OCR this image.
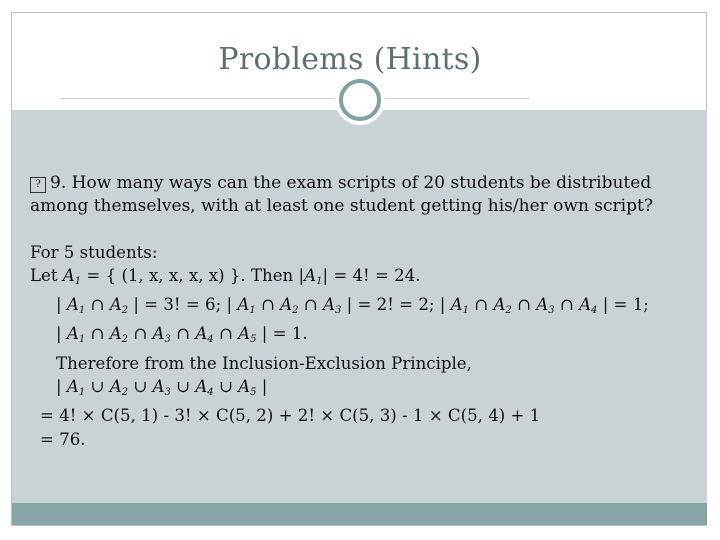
Problems (Hints)
? 9. How many ways can the exam scripts of 20 students be distributed
among themselves, with at least one student getting his/her own script?
For 5 students:
Let $A_1$ = { (1, x, x, x, x) }. Then $|A_1| = 4$! = 24.
| $A_1$ ∩ $A_2$ | = 3! = 6; | $A_1$ ∩ $A_2$ ∩ $A_3$ | = 2! = 2; | $A_1$ ∩ $A_2$ ∩ $A_3$ ∩ $A_4$ | = 1;
| $A_1$ ∩ $A_2$ ∩ $A_3$ ∩ $A_4$ ∩ $A_5$ | = 1.
Therefore from the Inclusion-Exclusion Principle,
| $A_1$ ∪ $A_2$ ∪ $A_3$ ∪ $A_4$ ∪ $A_5$ |
= 4! × C(5, 1) - 3! × C(5, 2) + 2! × C(5, 3) - 1 × C(5, 4) + 1
= 76.
